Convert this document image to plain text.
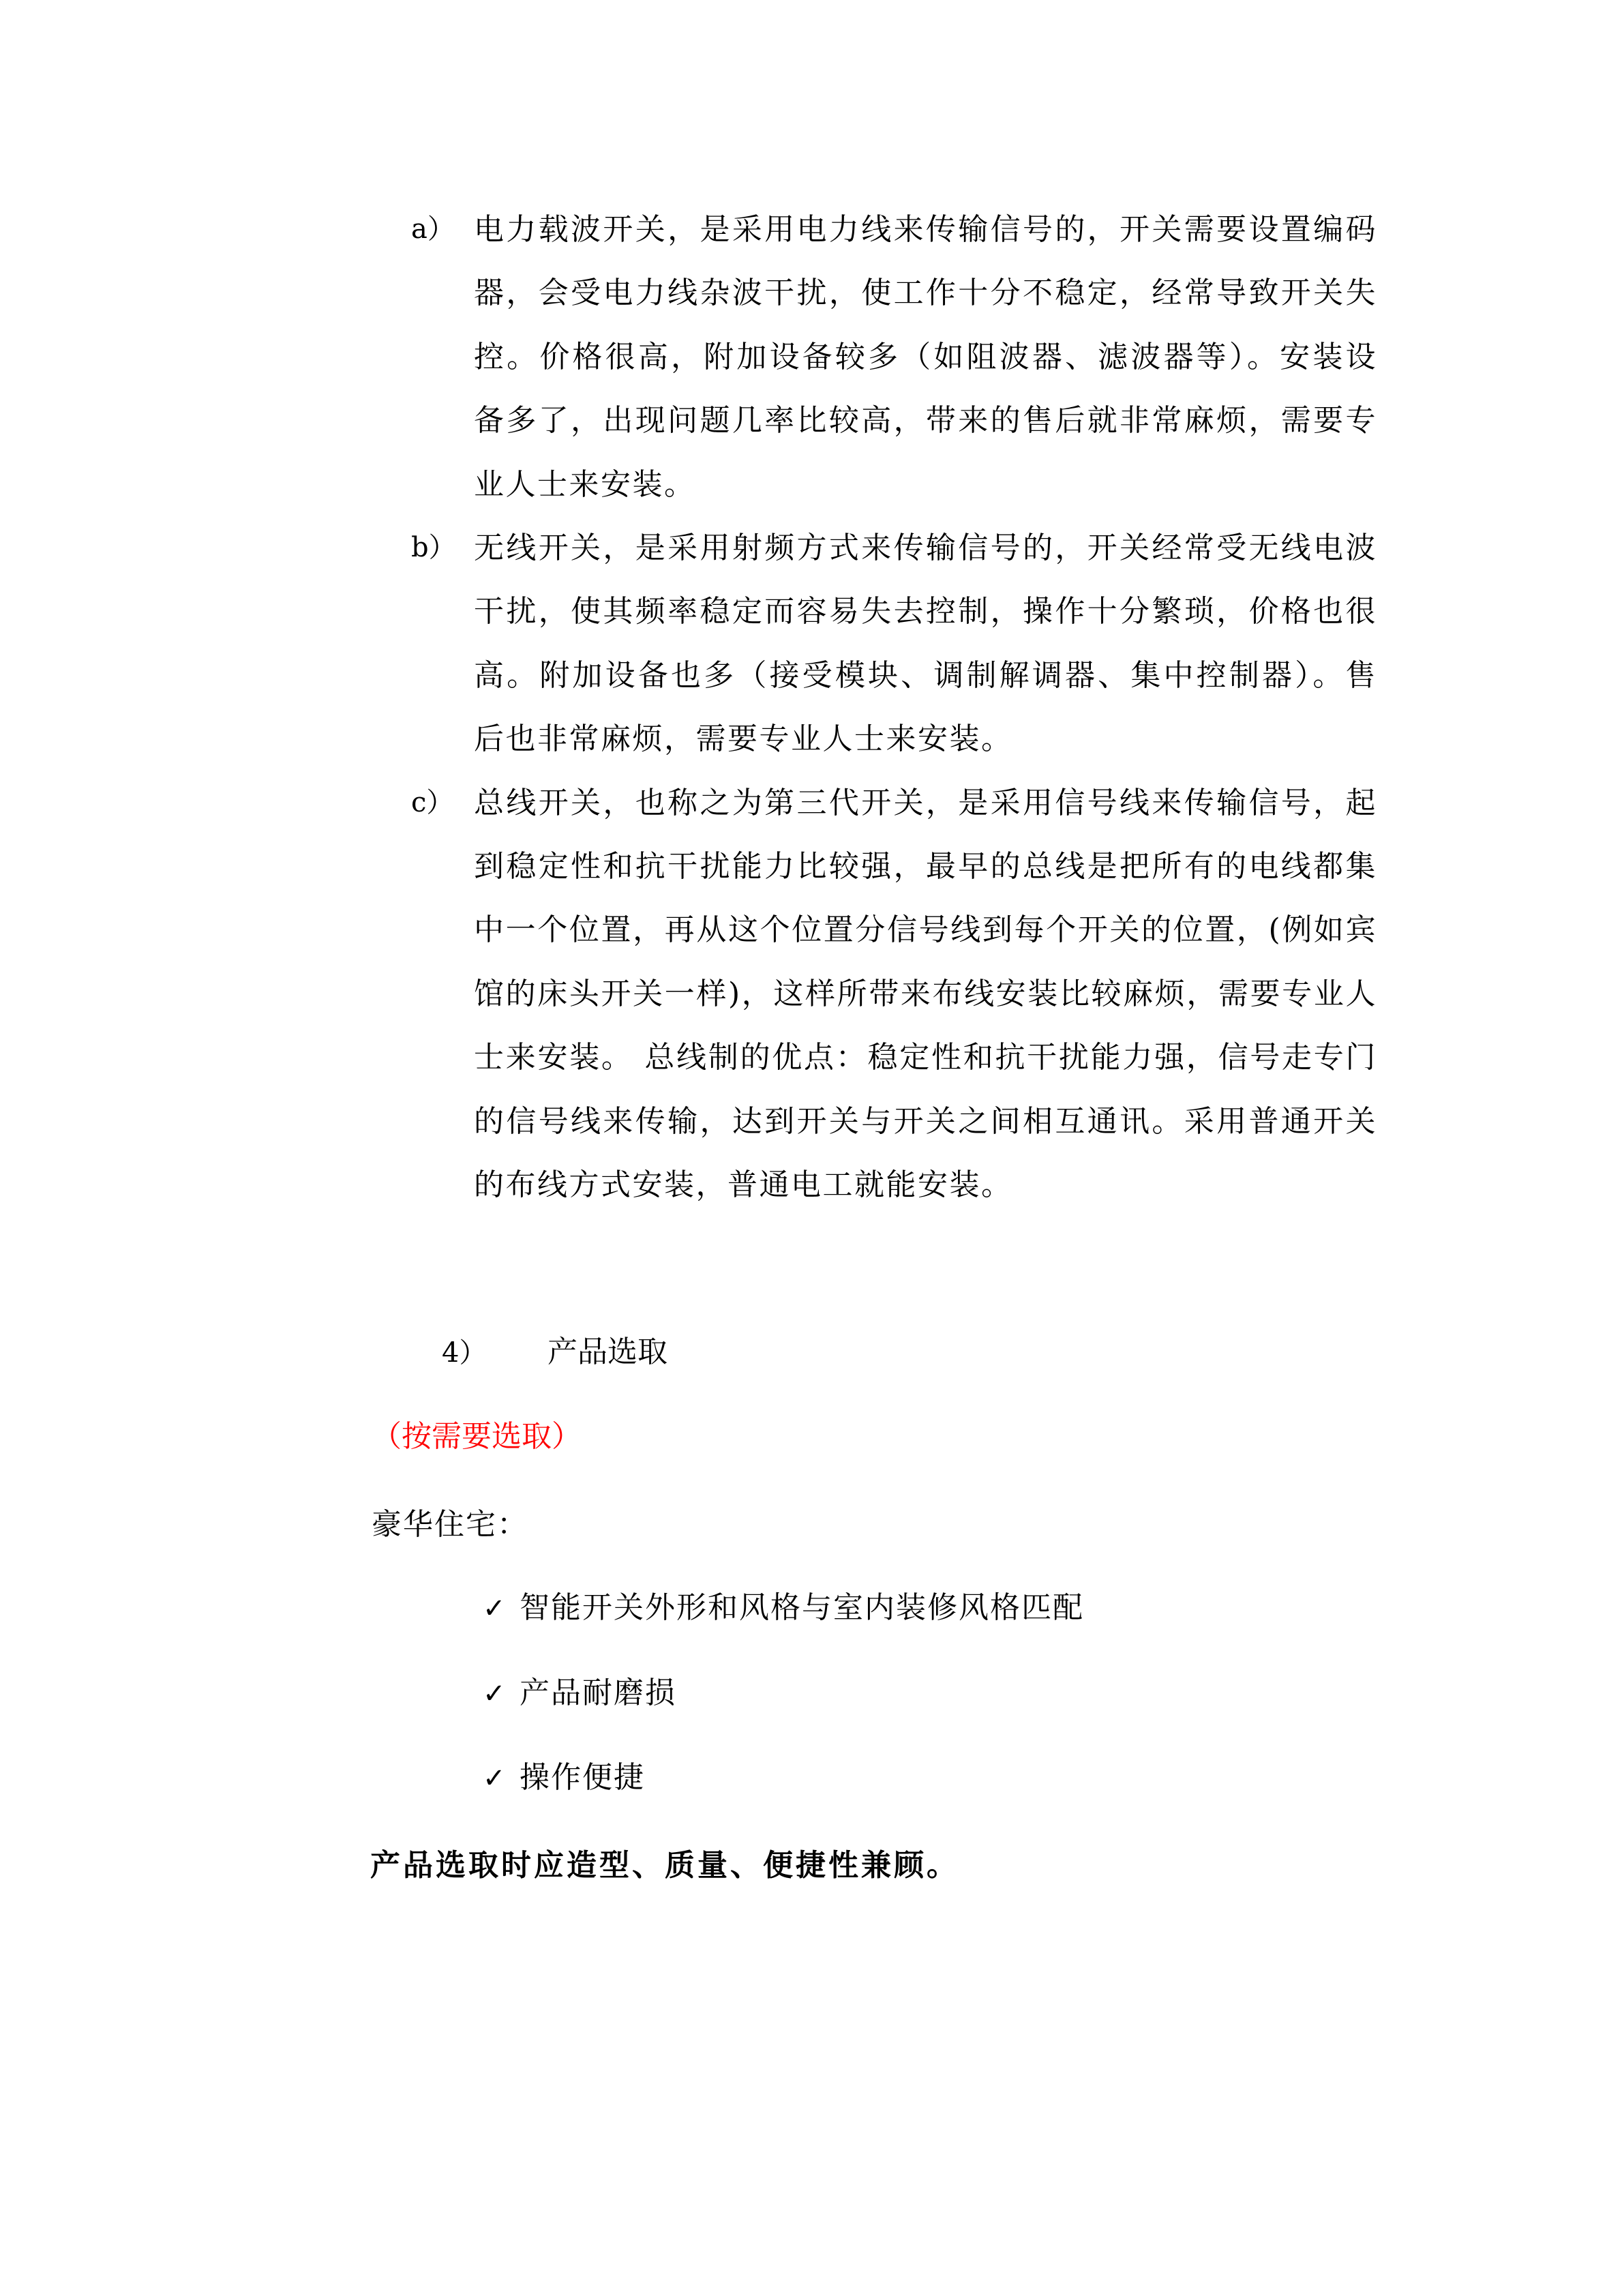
a） 电力载波开关，是采用电力线来传输信号的，开关需要设置编码器，会受电力线杂波干扰，使工作十分不稳定，经常导致开关失控。价格很高，附加设备较多（如阻波器、滤波器等）。安装设备多了，出现问题几率比较高，带来的售后就非常麻烦，需要专业人士来安装。
b） 无线开关，是采用射频方式来传输信号的，开关经常受无线电波干扰，使其频率稳定而容易失去控制，操作十分繁琐，价格也很高。附加设备也多（接受模块、调制解调器、集中控制器）。售后也非常麻烦，需要专业人士来安装。
c） 总线开关，也称之为第三代开关，是采用信号线来传输信号，起到稳定性和抗干扰能力比较强，最早的总线是把所有的电线都集中一个位置，再从这个位置分信号线到每个开关的位置，(例如宾馆的床头开关一样)，这样所带来布线安装比较麻烦，需要专业人士来安装。 总线制的优点：稳定性和抗干扰能力强，信号走专门的信号线来传输，达到开关与开关之间相互通讯。采用普通开关的布线方式安装，普通电工就能安装。
4） 产品选取
（按需要选取）
豪华住宅：
✓ 智能开关外形和风格与室内装修风格匹配
✓ 产品耐磨损
✓ 操作便捷
产品选取时应造型、质量、便捷性兼顾。
